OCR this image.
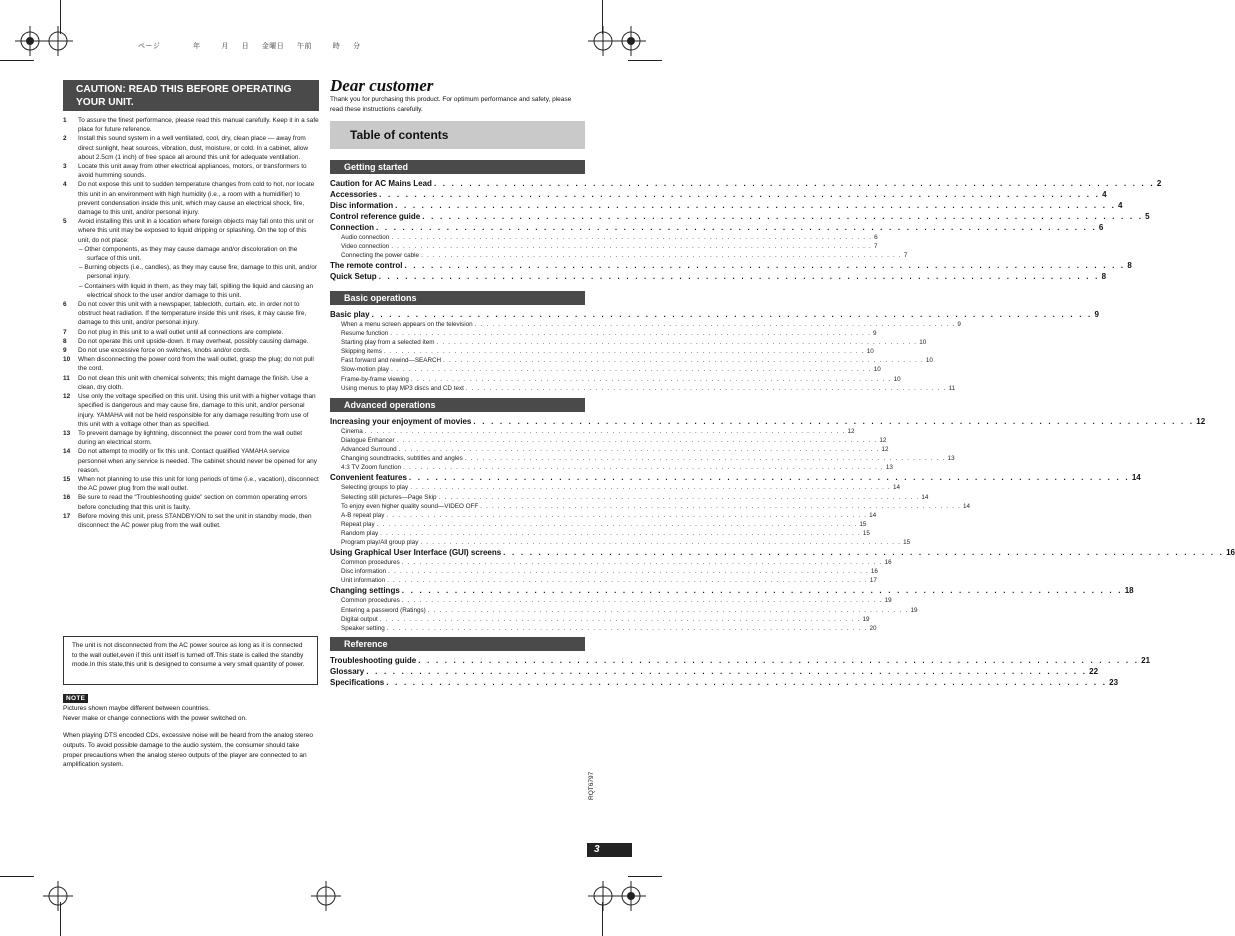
ページ	年	月 日 金曜日 午前	時 分
CAUTION: READ THIS BEFORE OPERATING YOUR UNIT.
1 To assure the finest performance, please read this manual carefully. Keep it in a safe place for future reference.
2 Install this sound system in a well ventilated, cool, dry, clean place — away from direct sunlight, heat sources, vibration, dust, moisture, or cold. In a cabinet, allow about 2.5cm (1 inch) of free space all around this unit for adequate ventilation.
3 Locate this unit away from other electrical appliances, motors, or transformers to avoid humming sounds.
4 Do not expose this unit to sudden temperature changes from cold to hot, nor locate this unit in an environment with high humidity (i.e., a room with a humidifier) to prevent condensation inside this unit, which may cause an electrical shock, fire, damage to this unit, and/or personal injury.
5 Avoid installing this unit in a location where foreign objects may fall onto this unit or where this unit may be exposed to liquid dripping or splashing. On the top of this unit, do not place:
– Other components, as they may cause damage and/or discoloration on the surface of this unit.
– Burning objects (i.e., candles), as they may cause fire, damage to this unit, and/or personal injury.
– Containers with liquid in them, as they may fall, spilling the liquid and causing an electrical shock to the user and/or damage to this unit.
6 Do not cover this unit with a newspaper, tablecloth, curtain, etc. in order not to obstruct heat radiation. If the temperature inside this unit rises, it may cause fire, damage to this unit, and/or personal injury.
7 Do not plug in this unit to a wall outlet until all connections are complete.
8 Do not operate this unit upside-down. It may overheat, possibly causing damage.
9 Do not use excessive force on switches, knobs and/or cords.
10 When disconnecting the power cord from the wall outlet, grasp the plug; do not pull the cord.
11 Do not clean this unit with chemical solvents; this might damage the finish. Use a clean, dry cloth.
12 Use only the voltage specified on this unit. Using this unit with a higher voltage than specified is dangerous and may cause fire, damage to this unit, and/or personal injury. YAMAHA will not be held responsible for any damage resulting from use of this unit with a voltage other than as specified.
13 To prevent damage by lightning, disconnect the power cord from the wall outlet during an electrical storm.
14 Do not attempt to modify or fix this unit. Contact qualified YAMAHA service personnel when any service is needed. The cabinet should never be opened for any reason.
15 When not planning to use this unit for long periods of time (i.e., vacation), disconnect the AC power plug from the wall outlet.
16 Be sure to read the “Troubleshooting guide” section on common operating errors before concluding that this unit is faulty.
17 Before moving this unit, press STANDBY/ON to set the unit in standby mode, then disconnect the AC power plug from the wall outlet.
The unit is not disconnected from the AC power source as long as it is connected to the wall outlet,even if this unit itself is turned off.This state is called the standby mode.In this state,this unit is designed to consume a very small quantity of power.
NOTE
Pictures shown maybe different between countries.
Never make or change connections with the power switched on.
When playing DTS encoded CDs, excessive noise will be heard from the analog stereo outputs. To avoid possible damage to the audio system, the consumer should take proper precautions when the analog stereo outputs of the player are connected to an amplification system.
Dear customer
Thank you for purchasing this product. For optimum performance and safety, please read these instructions carefully.
Table of contents
Getting started
Caution for AC Mains Lead . . . . . . . . . . . . . . . . . . . . . . . . . . . . . . . . . . . . . . . . . . . . . . . . . . . . . . . . . . . . . . . . . . . . . . . . . . . . . . . . . . 2
Accessories . . . . . . . . . . . . . . . . . . . . . . . . . . . . . . . . . . . . . . . . . . . . . . . . . . . . . . . . . . . . . . . . . . . . . . . . . . . . . . . . . . 4
Disc information . . . . . . . . . . . . . . . . . . . . . . . . . . . . . . . . . . . . . . . . . . . . . . . . . . . . . . . . . . . . . . . . . . . . . . . . . . . . . . . . . . 4
Control reference guide . . . . . . . . . . . . . . . . . . . . . . . . . . . . . . . . . . . . . . . . . . . . . . . . . . . . . . . . . . . . . . . . . . . . . . . . . . . . . . . . . . 5
Connection . . . . . . . . . . . . . . . . . . . . . . . . . . . . . . . . . . . . . . . . . . . . . . . . . . . . . . . . . . . . . . . . . . . . . . . . . . . . . . . . . . 6
Audio connection . . . . . . . . . . . . . . . . . . . . . . . . . . . . . . . . . . . . . . . . . . . . . . . . . . . . . . . . . . . . . . . . . . . . . . . . . . . . . . . . . . 6
Video connection . . . . . . . . . . . . . . . . . . . . . . . . . . . . . . . . . . . . . . . . . . . . . . . . . . . . . . . . . . . . . . . . . . . . . . . . . . . . . . . . . . 7
Connecting the power cable . . . . . . . . . . . . . . . . . . . . . . . . . . . . . . . . . . . . . . . . . . . . . . . . . . . . . . . . . . . . . . . . . . . . . . . . . . . . . . . . . . 7
The remote control . . . . . . . . . . . . . . . . . . . . . . . . . . . . . . . . . . . . . . . . . . . . . . . . . . . . . . . . . . . . . . . . . . . . . . . . . . . . . . . . . . 8
Quick Setup . . . . . . . . . . . . . . . . . . . . . . . . . . . . . . . . . . . . . . . . . . . . . . . . . . . . . . . . . . . . . . . . . . . . . . . . . . . . . . . . . . 8
Basic operations
Basic play . . . . . . . . . . . . . . . . . . . . . . . . . . . . . . . . . . . . . . . . . . . . . . . . . . . . . . . . . . . . . . . . . . . . . . . . . . . . . . . . . . 9
When a menu screen appears on the television . . . . . . . . . . . . . . . . . . . . . . . . . . . . . . . . . . . . . . . . . . . . . . . . . . . . . . . . . . . . . . . . . . . . . . . . . . . . . . . . . . 9
Resume function . . . . . . . . . . . . . . . . . . . . . . . . . . . . . . . . . . . . . . . . . . . . . . . . . . . . . . . . . . . . . . . . . . . . . . . . . . . . . . . . . . 9
Starting play from a selected item . . . . . . . . . . . . . . . . . . . . . . . . . . . . . . . . . . . . . . . . . . . . . . . . . . . . . . . . . . . . . . . . . . . . . . . . . . . . . . . . . . 10
Skipping items . . . . . . . . . . . . . . . . . . . . . . . . . . . . . . . . . . . . . . . . . . . . . . . . . . . . . . . . . . . . . . . . . . . . . . . . . . . . . . . . . . 10
Fast forward and rewind—SEARCH . . . . . . . . . . . . . . . . . . . . . . . . . . . . . . . . . . . . . . . . . . . . . . . . . . . . . . . . . . . . . . . . . . . . . . . . . . . . . . . . . . 10
Slow-motion play . . . . . . . . . . . . . . . . . . . . . . . . . . . . . . . . . . . . . . . . . . . . . . . . . . . . . . . . . . . . . . . . . . . . . . . . . . . . . . . . . . 10
Frame-by-frame viewing . . . . . . . . . . . . . . . . . . . . . . . . . . . . . . . . . . . . . . . . . . . . . . . . . . . . . . . . . . . . . . . . . . . . . . . . . . . . . . . . . . 10
Using menus to play MP3 discs and CD text . . . . . . . . . . . . . . . . . . . . . . . . . . . . . . . . . . . . . . . . . . . . . . . . . . . . . . . . . . . . . . . . . . . . . . . . . . . . . . . . . . 11
Advanced operations
Increasing your enjoyment of movies . . . . . . . . . . . . . . . . . . . . . . . . . . . . . . . . . . . . . . . . . . . . . . . . . . . . . . . . . . . . . . . . . . . . . . . . . . . . . . . . . . 12
Cinema . . . . . . . . . . . . . . . . . . . . . . . . . . . . . . . . . . . . . . . . . . . . . . . . . . . . . . . . . . . . . . . . . . . . . . . . . . . . . . . . . . 12
Dialogue Enhancer . . . . . . . . . . . . . . . . . . . . . . . . . . . . . . . . . . . . . . . . . . . . . . . . . . . . . . . . . . . . . . . . . . . . . . . . . . . . . . . . . . 12
Advanced Surround . . . . . . . . . . . . . . . . . . . . . . . . . . . . . . . . . . . . . . . . . . . . . . . . . . . . . . . . . . . . . . . . . . . . . . . . . . . . . . . . . . 12
Changing soundtracks, subtitles and angles . . . . . . . . . . . . . . . . . . . . . . . . . . . . . . . . . . . . . . . . . . . . . . . . . . . . . . . . . . . . . . . . . . . . . . . . . . . . . . . . . . 13
4:3 TV Zoom function . . . . . . . . . . . . . . . . . . . . . . . . . . . . . . . . . . . . . . . . . . . . . . . . . . . . . . . . . . . . . . . . . . . . . . . . . . . . . . . . . . 13
Convenient features . . . . . . . . . . . . . . . . . . . . . . . . . . . . . . . . . . . . . . . . . . . . . . . . . . . . . . . . . . . . . . . . . . . . . . . . . . . . . . . . . . 14
Selecting groups to play . . . . . . . . . . . . . . . . . . . . . . . . . . . . . . . . . . . . . . . . . . . . . . . . . . . . . . . . . . . . . . . . . . . . . . . . . . . . . . . . . . 14
Selecting still pictures—Page Skip . . . . . . . . . . . . . . . . . . . . . . . . . . . . . . . . . . . . . . . . . . . . . . . . . . . . . . . . . . . . . . . . . . . . . . . . . . . . . . . . . . 14
To enjoy even higher quality sound—VIDEO OFF . . . . . . . . . . . . . . . . . . . . . . . . . . . . . . . . . . . . . . . . . . . . . . . . . . . . . . . . . . . . . . . . . . . . . . . . . . . . . . . . . . 14
A-B repeat play . . . . . . . . . . . . . . . . . . . . . . . . . . . . . . . . . . . . . . . . . . . . . . . . . . . . . . . . . . . . . . . . . . . . . . . . . . . . . . . . . . 14
Repeat play . . . . . . . . . . . . . . . . . . . . . . . . . . . . . . . . . . . . . . . . . . . . . . . . . . . . . . . . . . . . . . . . . . . . . . . . . . . . . . . . . . 15
Random play . . . . . . . . . . . . . . . . . . . . . . . . . . . . . . . . . . . . . . . . . . . . . . . . . . . . . . . . . . . . . . . . . . . . . . . . . . . . . . . . . . 15
Program play/All group play . . . . . . . . . . . . . . . . . . . . . . . . . . . . . . . . . . . . . . . . . . . . . . . . . . . . . . . . . . . . . . . . . . . . . . . . . . . . . . . . . . 15
Using Graphical User Interface (GUI) screens . . . . . . . . . . . . . . . . . . . . . . . . . . . . . . . . . . . . . . . . . . . . . . . . . . . . . . . . . . . . . . . . . . . . . . . . . . . . . . . . . . 16
Common procedures . . . . . . . . . . . . . . . . . . . . . . . . . . . . . . . . . . . . . . . . . . . . . . . . . . . . . . . . . . . . . . . . . . . . . . . . . . . . . . . . . . 16
Disc information . . . . . . . . . . . . . . . . . . . . . . . . . . . . . . . . . . . . . . . . . . . . . . . . . . . . . . . . . . . . . . . . . . . . . . . . . . . . . . . . . . 16
Unit information . . . . . . . . . . . . . . . . . . . . . . . . . . . . . . . . . . . . . . . . . . . . . . . . . . . . . . . . . . . . . . . . . . . . . . . . . . . . . . . . . . 17
Changing settings . . . . . . . . . . . . . . . . . . . . . . . . . . . . . . . . . . . . . . . . . . . . . . . . . . . . . . . . . . . . . . . . . . . . . . . . . . . . . . . . . . 18
Common procedures . . . . . . . . . . . . . . . . . . . . . . . . . . . . . . . . . . . . . . . . . . . . . . . . . . . . . . . . . . . . . . . . . . . . . . . . . . . . . . . . . . 19
Entering a password (Ratings) . . . . . . . . . . . . . . . . . . . . . . . . . . . . . . . . . . . . . . . . . . . . . . . . . . . . . . . . . . . . . . . . . . . . . . . . . . . . . . . . . . 19
Digital output . . . . . . . . . . . . . . . . . . . . . . . . . . . . . . . . . . . . . . . . . . . . . . . . . . . . . . . . . . . . . . . . . . . . . . . . . . . . . . . . . . 19
Speaker setting . . . . . . . . . . . . . . . . . . . . . . . . . . . . . . . . . . . . . . . . . . . . . . . . . . . . . . . . . . . . . . . . . . . . . . . . . . . . . . . . . . 20
Reference
Troubleshooting guide . . . . . . . . . . . . . . . . . . . . . . . . . . . . . . . . . . . . . . . . . . . . . . . . . . . . . . . . . . . . . . . . . . . . . . . . . . . . . . . . . . 21
Glossary . . . . . . . . . . . . . . . . . . . . . . . . . . . . . . . . . . . . . . . . . . . . . . . . . . . . . . . . . . . . . . . . . . . . . . . . . . . . . . . . . . 22
Specifications . . . . . . . . . . . . . . . . . . . . . . . . . . . . . . . . . . . . . . . . . . . . . . . . . . . . . . . . . . . . . . . . . . . . . . . . . . . . . . . . . . 23
RQT6797
3
